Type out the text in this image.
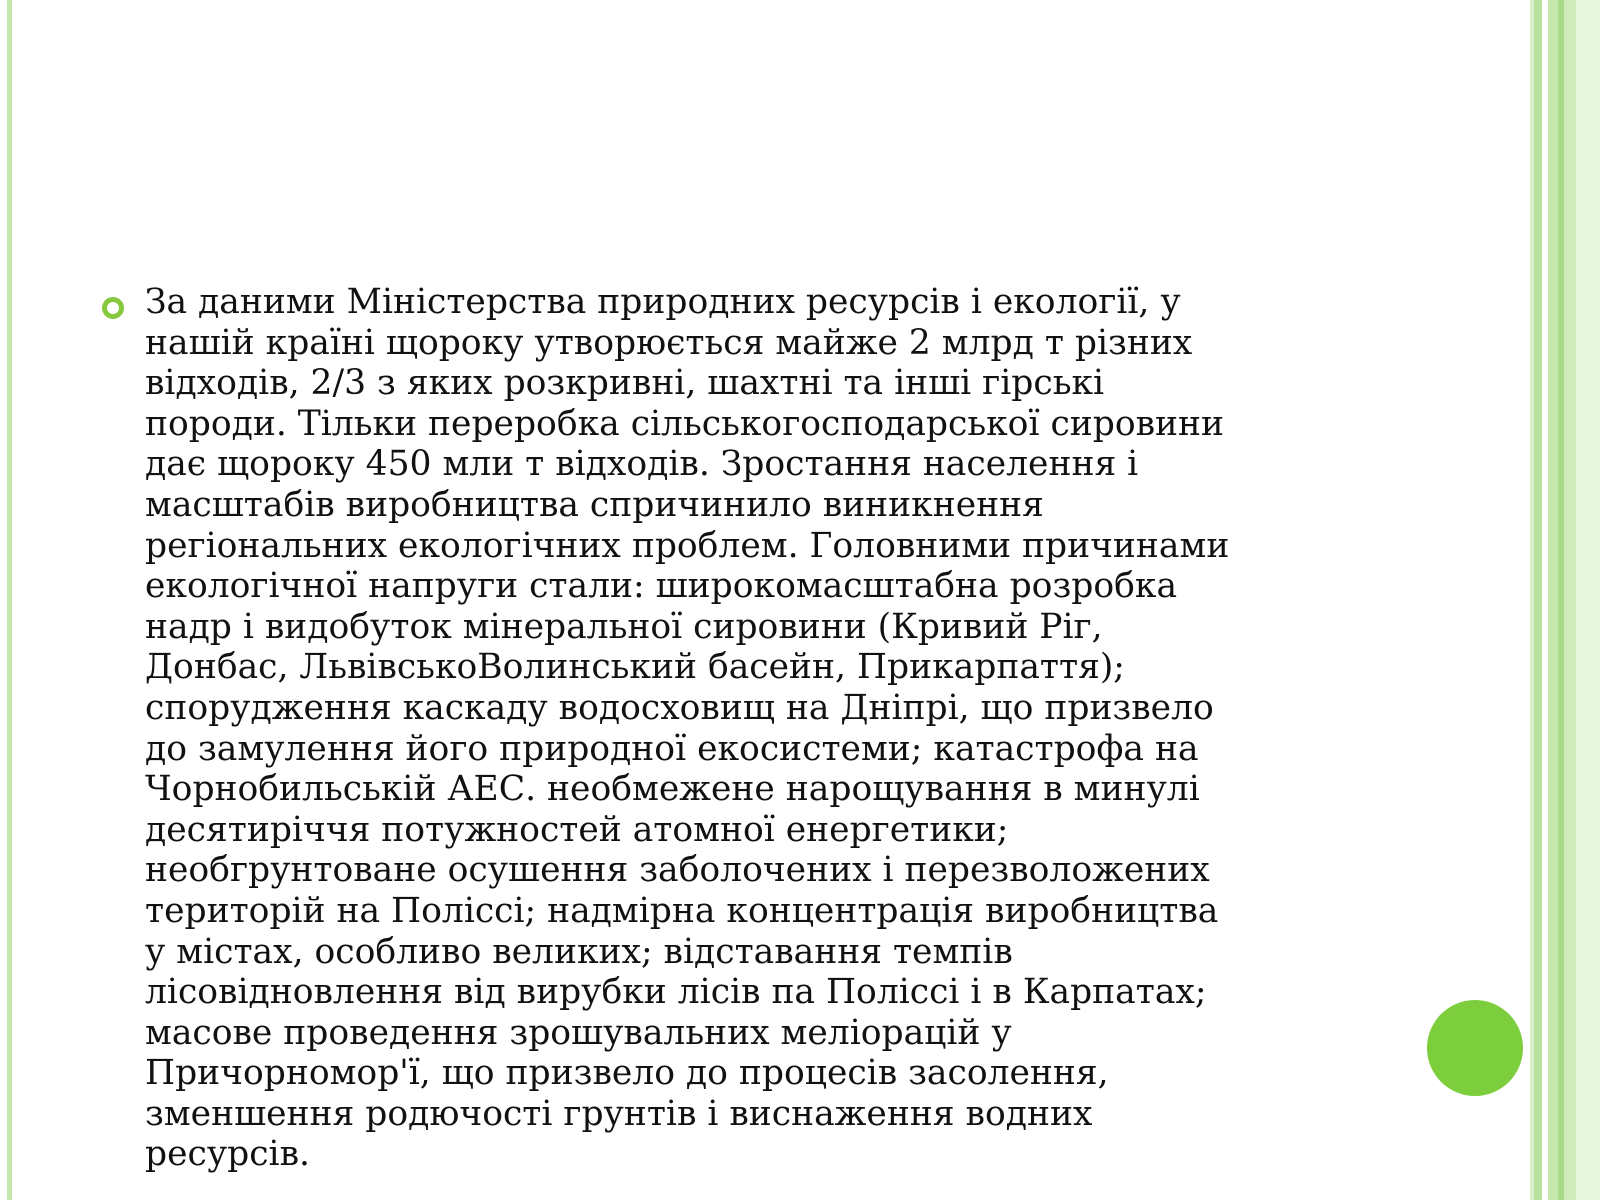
За даними Міністерства природних ресурсів і екології, у
нашій країні щороку утворюється майже 2 млрд т різних
відходів, 2/3 з яких розкривні, шахтні та інші гірські
породи. Тільки переробка сільськогосподарської сировини
дає щороку 450 мли т відходів. Зростання населення і
масштабів виробництва спричинило виникнення
регіональних екологічних проблем. Головними причинами
екологічної напруги стали: широкомасштабна розробка
надр і видобуток мінеральної сировини (Кривий Ріг,
Донбас, ЛьвівськоВолинський басейн, Прикарпаття);
спорудження каскаду водосховищ на Дніпрі, що призвело
до замулення його природної екосистеми; катастрофа на
Чорнобильській АЕС. необмежене нарощування в минулі
десятиріччя потужностей атомної енергетики;
необгрунтоване осушення заболочених і перезволожених
територій на Поліссі; надмірна концентрація виробництва
у містах, особливо великих; відставання темпів
лісовідновлення від вирубки лісів па Поліссі і в Карпатах;
масове проведення зрошувальних меліорацій у
Причорномор'ї, що призвело до процесів засолення,
зменшення родючості грунтів і виснаження водних
ресурсів.
